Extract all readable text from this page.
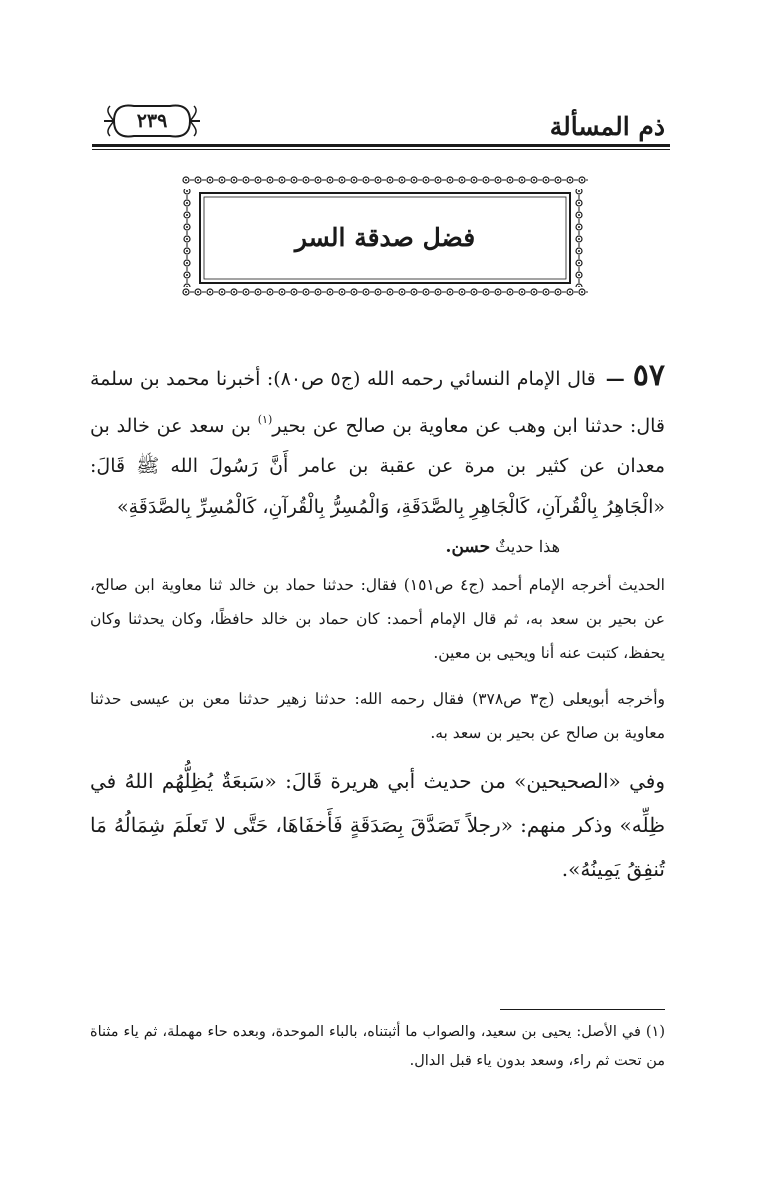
ذم المسألة
٢٣٩
فضل صدقة السر
٥٧—قال الإمام النسائي رحمه الله (ج٥ ص٨٠): أخبرنا محمد بن سلمة قال: حدثنا ابن وهب عن معاوية بن صالح عن بحير$^{(١)}$ بن سعد عن خالد بن معدان عن كثير بن مرة عن عقبة بن عامر أَنَّ رَسُولَ الله ﷺ قَالَ: «الْجَاهِرُ بِالْقُرآنِ، كَالْجَاهِرِ بِالصَّدَقَةِ، وَالْمُسِرُّ بِالْقُرآنِ، كَالْمُسِرِّ بِالصَّدَقَةِ»
هذا حديثٌ حسن.
الحديث أخرجه الإمام أحمد (ج٤ ص١٥١) فقال: حدثنا حماد بن خالد ثنا معاوية ابن صالح، عن بحير بن سعد به، ثم قال الإمام أحمد: كان حماد بن خالد حافظًا، وكان يحدثنا وكان يحفظ، كتبت عنه أنا ويحيى بن معين.
وأخرجه أبويعلى (ج٣ ص٣٧٨) فقال رحمه الله: حدثنا زهير حدثنا معن بن عيسى حدثنا معاوية بن صالح عن بحير بن سعد به.
وفي «الصحيحين» من حديث أبي هريرة قَالَ: «سَبعَةٌ يُظِلُّهُم اللهُ في ظِلِّه» وذكر منهم: «رجلاً تَصَدَّقَ بِصَدَقَةٍ فَأَخفَاهَا، حَتَّى لا تَعلَمَ شِمَالُهُ مَا تُنفِقُ يَمِينُهُ».
(١) في الأصل: يحيى بن سعيد، والصواب ما أثبتناه، بالباء الموحدة، وبعده حاء مهملة، ثم ياء مثناة من تحت ثم راء، وسعد بدون ياء قبل الدال.
